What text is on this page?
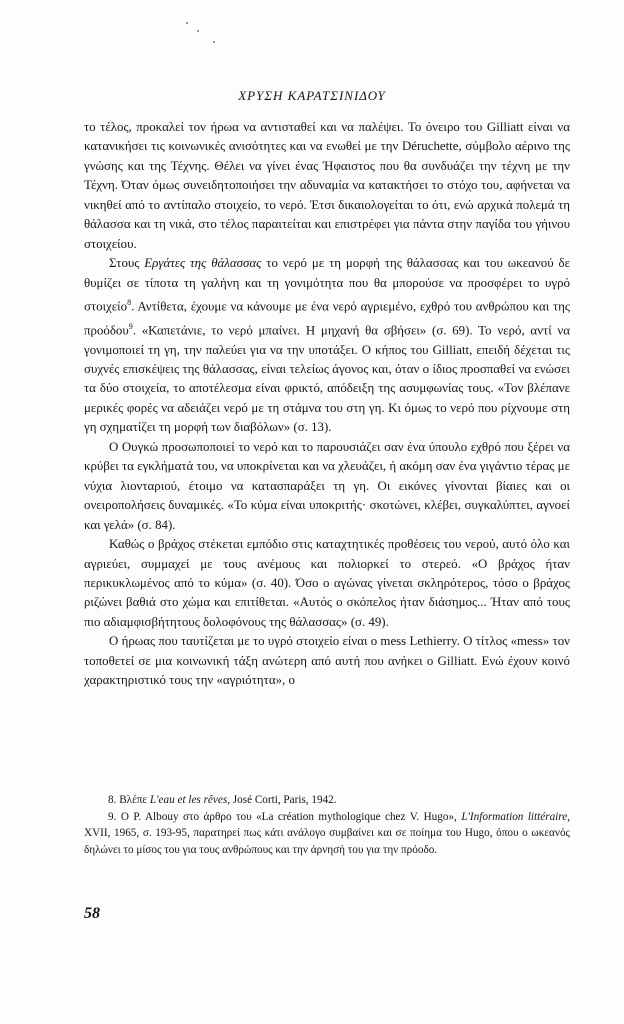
ΧΡΥΣΗ ΚΑΡΑΤΣΙΝΙΔΟΥ

το τέλος, προκαλεί τον ήρωα να αντισταθεί και να παλέψει. Το όνειρο του Gilliatt είναι να κατανικήσει τις κοινωνικές ανισότητες και να ενωθεί με την Déruchette, σύμβολο αέρινο της γνώσης και της Τέχνης. Θέλει να γίνει ένας Ήφαιστος που θα συνδυάζει την τέχνη με την Τέχνη. Όταν όμως συνειδητοποιήσει την αδυναμία να κατακτήσει το στόχο του, αφήνεται να νικηθεί από το αντίπαλο στοιχείο, το νερό. Έτσι δικαιολογείται το ότι, ενώ αρχικά πολεμά τη θάλασσα και τη νικά, στο τέλος παραιτείται και επιστρέφει για πάντα στην παγίδα του γήινου στοιχείου.

Στους Εργάτες της θάλασσας το νερό με τη μορφή της θάλασσας και του ωκεανού δε θυμίζει σε τίποτα τη γαλήνη και τη γονιμότητα που θα μπορούσε να προσφέρει το υγρό στοιχείο$^8$. Αντίθετα, έχουμε να κάνουμε με ένα νερό αγριεμένο, εχθρό του ανθρώπου και της προόδου$^9$. «Καπετάνιε, το νερό μπαίνει. Η μηχανή θα σβήσει» (σ. 69). Το νερό, αντί να γονιμοποιεί τη γη, την παλεύει για να την υποτάξει. Ο κήπος του Gilliatt, επειδή δέχεται τις συχνές επισκέψεις της θάλασσας, είναι τελείως άγονος και, όταν ο ίδιος προσπαθεί να ενώσει τα δύο στοιχεία, το αποτέλεσμα είναι φρικτό, απόδειξη της ασυμφωνίας τους. «Τον βλέπανε μερικές φορές να αδειάζει νερό με τη στάμνα του στη γη. Κι όμως το νερό που ρίχνουμε στη γη σχηματίζει τη μορφή των διαβόλων» (σ. 13).

Ο Ουγκώ προσωποποιεί το νερό και το παρουσιάζει σαν ένα ύπουλο εχθρό που ξέρει να κρύβει τα εγκλήματά του, να υποκρίνεται και να χλευάζει, ή ακόμη σαν ένα γιγάντιο τέρας με νύχια λιονταριού, έτοιμο να κατασπαράξει τη γη. Οι εικόνες γίνονται βίαιες και οι ονειροπολήσεις δυναμικές. «Το κύμα είναι υποκριτής· σκοτώνει, κλέβει, συγκαλύπτει, αγνοεί και γελά» (σ. 84).

Καθώς ο βράχος στέκεται εμπόδιο στις καταχτητικές προθέσεις του νερού, αυτό όλο και αγριεύει, συμμαχεί με τους ανέμους και πολιορκεί το στερεό. «Ο βράχος ήταν περικυκλωμένος από το κύμα» (σ. 40). Όσο ο αγώνας γίνεται σκληρότερος, τόσο ο βράχος ριζώνει βαθιά στο χώμα και επιτίθεται. «Αυτός ο σκόπελος ήταν διάσημος... Ήταν από τους πιο αδιαμφισβήτητους δολοφόνους της θάλασσας» (σ. 49).

Ο ήρωας που ταυτίζεται με το υγρό στοιχείο είναι ο mess Lethierry. Ο τίτλος «mess» τον τοποθετεί σε μια κοινωνική τάξη ανώτερη από αυτή που ανήκει ο Gilliatt. Ενώ έχουν κοινό χαρακτηριστικό τους την «αγριότητα», ο

8. Βλέπε L'eau et les rêves, José Corti, Paris, 1942.

9. Ο P. Albouy στο άρθρο του «La création mythologique chez V. Hugo», L'Information littéraire, XVII, 1965, σ. 193-95, παρατηρεί πως κάτι ανάλογο συμβαίνει και σε ποίημα του Hugo, όπου ο ωκεανός δηλώνει το μίσος του για τους ανθρώπους και την άρνησή του για την πρόοδο.

58
